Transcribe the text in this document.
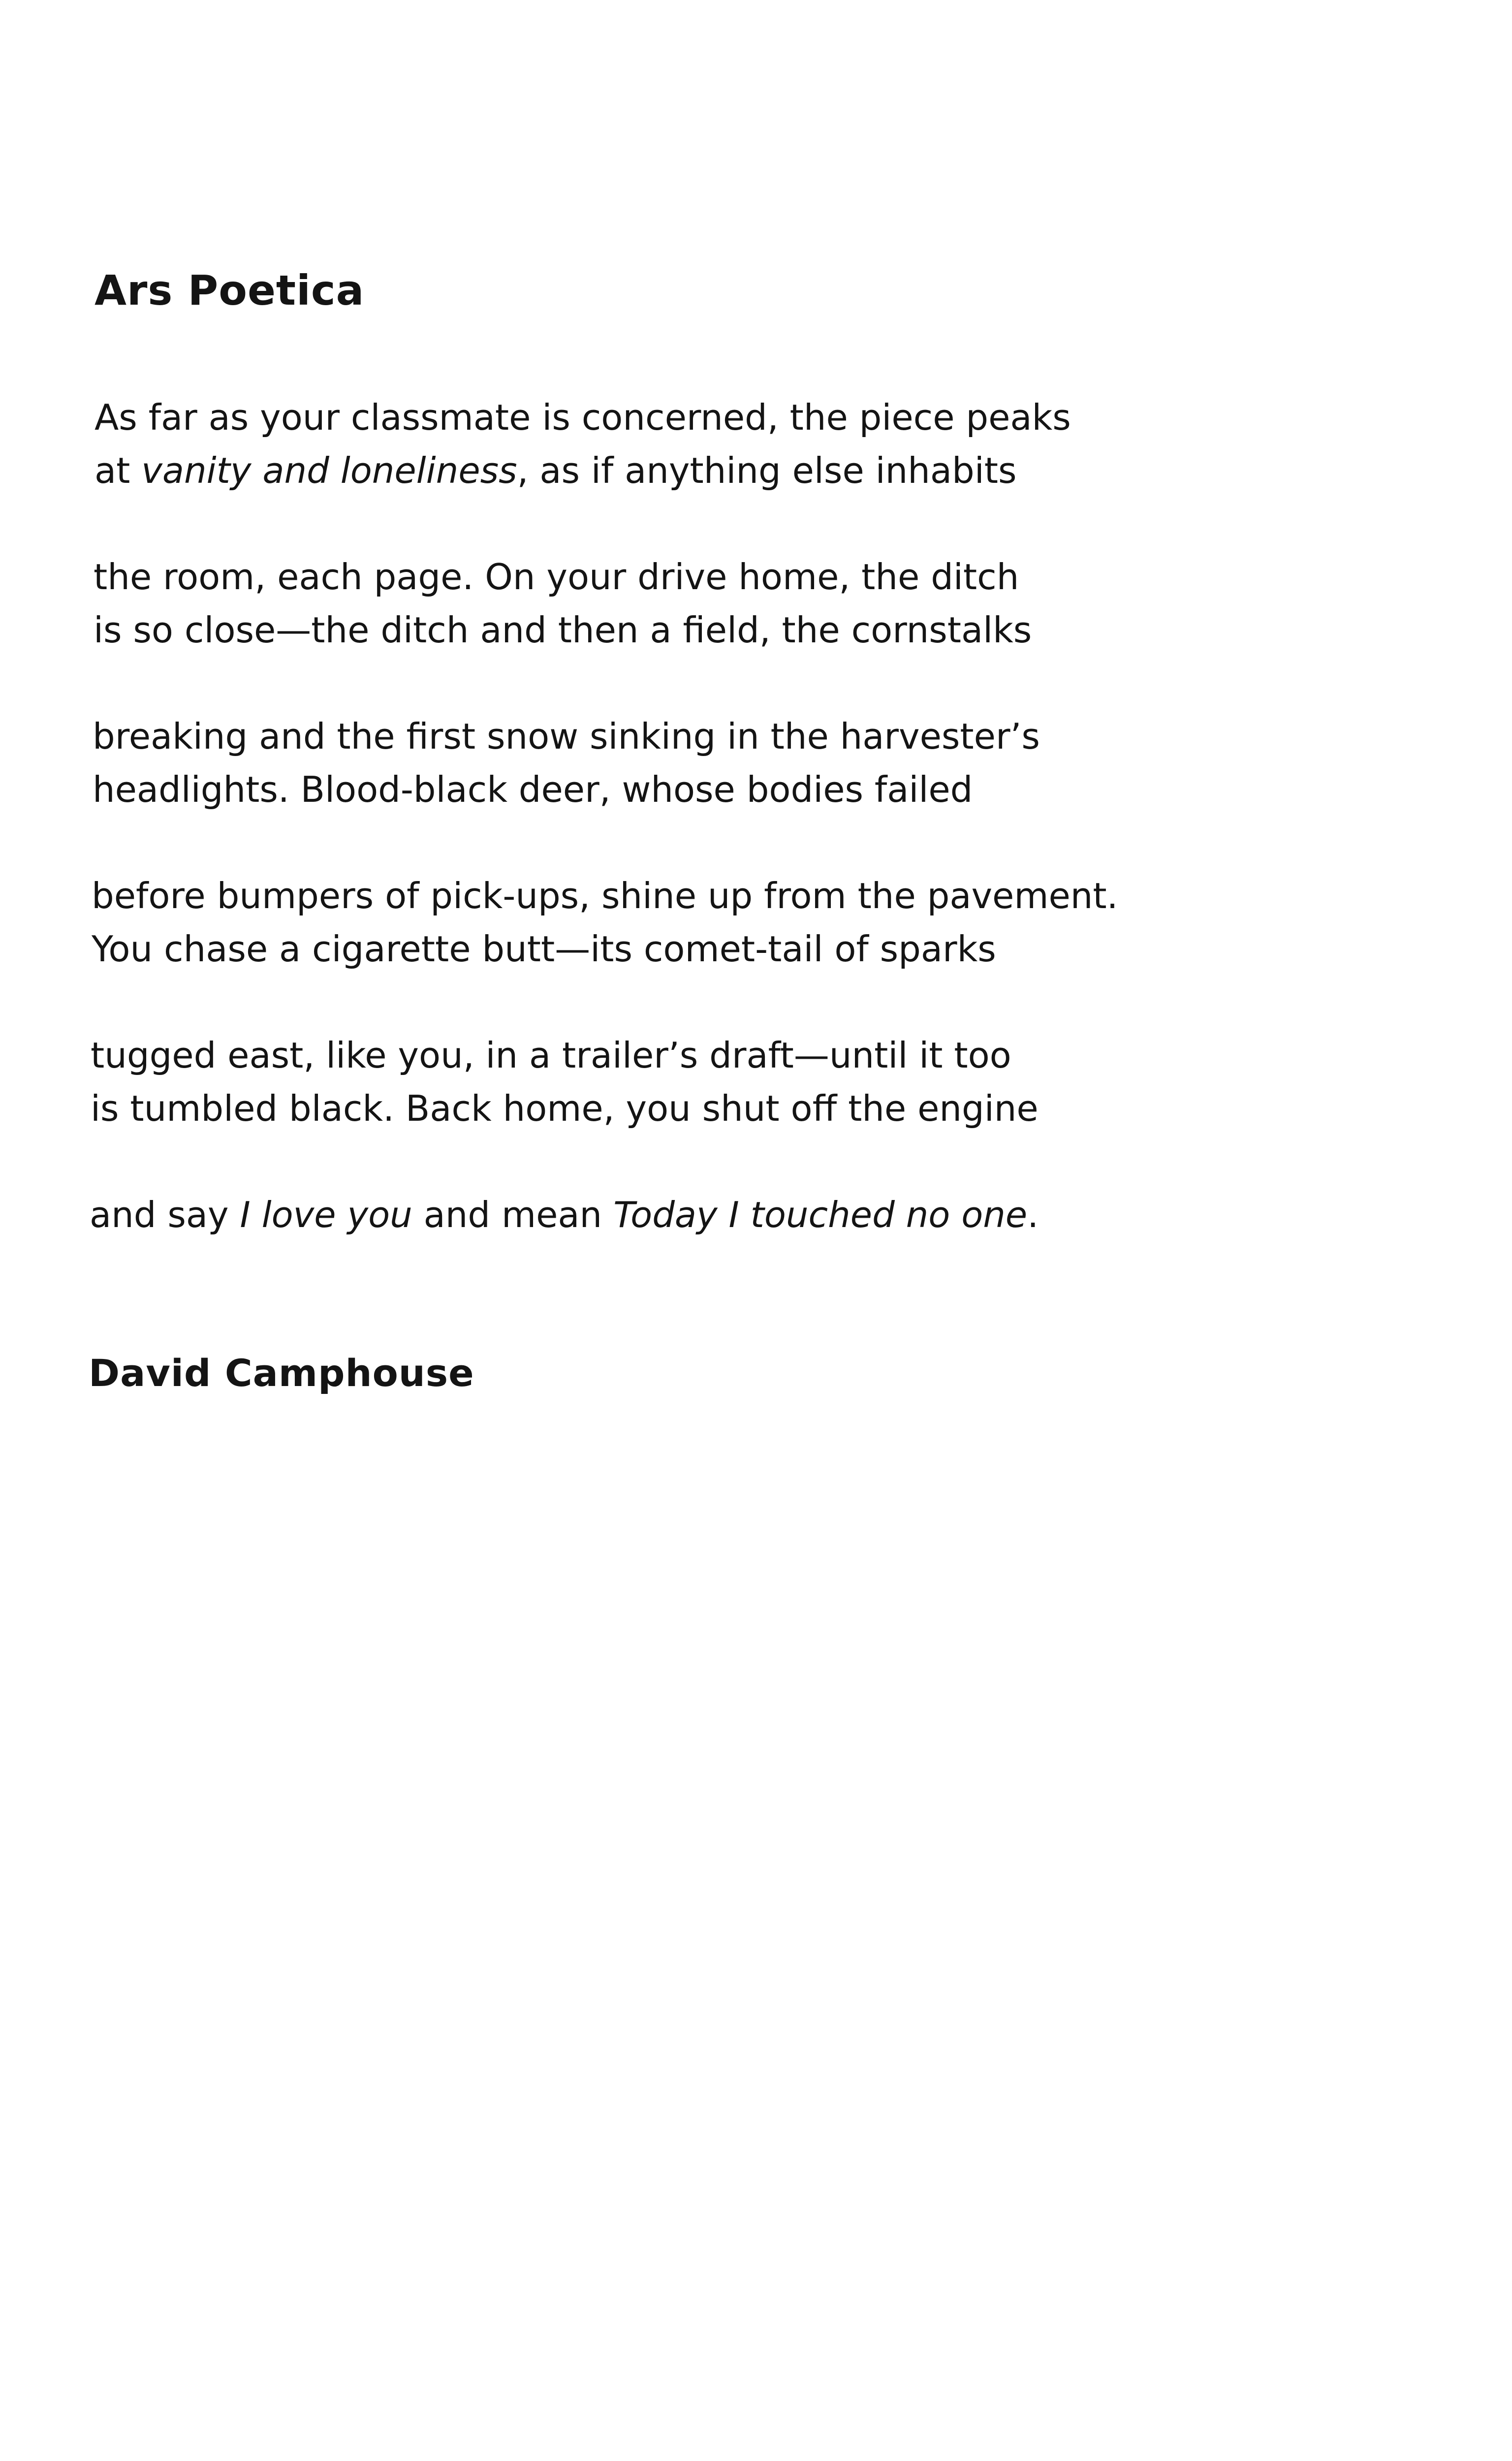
Ars Poetica

As far as your classmate is concerned, the piece peaks

at vanity and loneliness, as if anything else inhabits

the room, each page. On your drive home, the ditch

is so close—the ditch and then a field, the cornstalks

breaking and the first snow sinking in the harvester’s

headlights. Blood-black deer, whose bodies failed

before bumpers of pick-ups, shine up from the pavement.

You chase a cigarette butt—its comet-tail of sparks

tugged east, like you, in a trailer’s draft—until it too

is tumbled black. Back home, you shut off the engine

and say I love you and mean Today I touched no one.

David Camphouse
